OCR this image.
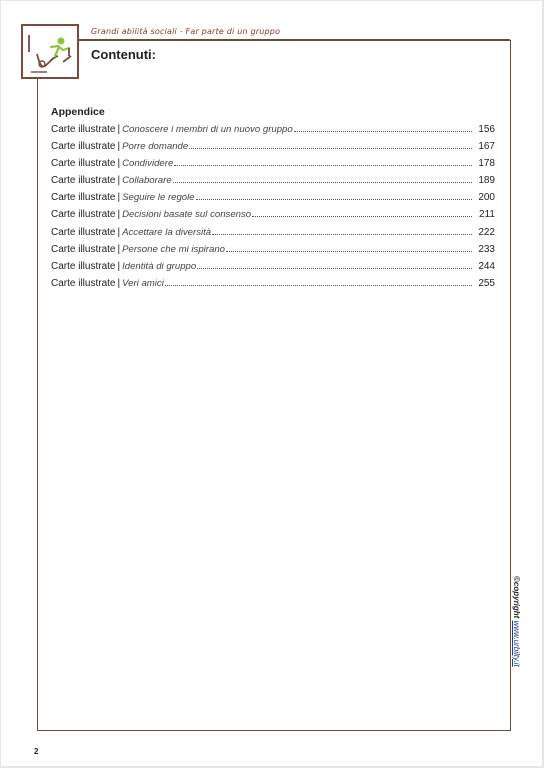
Grandi abilità sociali - Far parte di un gruppo
Contenuti:
Appendice
Carte illustrate | Conoscere i membri di un nuovo gruppo	156
Carte illustrate | Porre domande	167
Carte illustrate | Condividere	178
Carte illustrate | Collaborare	189
Carte illustrate | Seguire le regole	200
Carte illustrate | Decisioni basate sul consenso	211
Carte illustrate | Accettare la diversità	222
Carte illustrate | Persone che mi ispirano	233
Carte illustrate | Identità di gruppo	244
Carte illustrate | Veri amici	255
©copyright www.urbilty.it
2
